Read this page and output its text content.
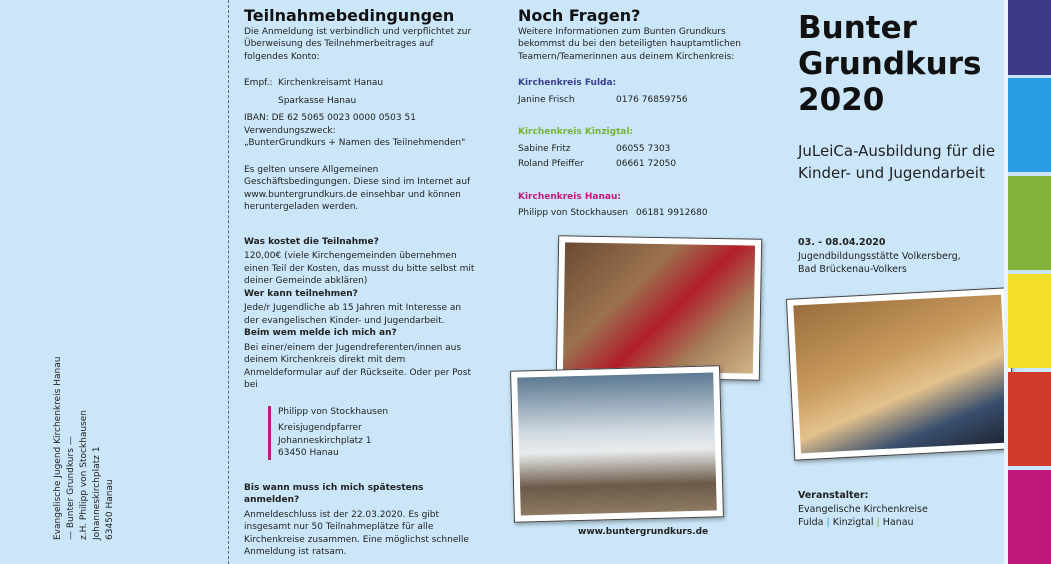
Evangelische Jugend Kirchenkreis Hanau — Bunter Grundkurs — z.H. Philipp von Stockhausen Johanneskirchplatz 1 63450 Hanau
Teilnahmebedingungen

Die Anmeldung ist verbindlich und verpflichtet zur Überweisung des Teilnehmerbeitrages auf folgendes Konto:

Empf.: Kirchenkreisamt Hanau
Sparkasse Hanau

IBAN: DE 62 5065 0023 0000 0503 51

Verwendungszweck:

„BunterGrundkurs + Namen des Teilnehmenden"

Es gelten unsere Allgemeinen Geschäftsbedingungen. Diese sind im Internet auf www.buntergrundkurs.de einsehbar und können heruntergeladen werden.

Was kostet die Teilnahme?

120,00€ (viele Kirchengemeinden übernehmen einen Teil der Kosten, das musst du bitte selbst mit deiner Gemeinde abklären)

Wer kann teilnehmen?

Jede/r Jugendliche ab 15 Jahren mit Interesse an der evangelischen Kinder- und Jugendarbeit.

Beim wem melde ich mich an?

Bei einer/einem der Jugendreferenten/innen aus deinem Kirchenkreis direkt mit dem Anmeldeformular auf der Rückseite. Oder per Post bei

Philipp von Stockhausen

Kreisjugendpfarrer

Johanneskirchplatz 1

63450 Hanau

Bis wann muss ich mich spätestens anmelden?

Anmeldeschluss ist der 22.03.2020. Es gibt insgesamt nur 50 Teilnahmeplätze für alle Kirchenkreise zusammen. Eine möglichst schnelle Anmeldung ist ratsam.

Noch Fragen?

Weitere Informationen zum Bunten Grundkurs bekommst du bei den beteiligten hauptamtlichen Teamern/Teamerinnen aus deinem Kirchenkreis:

Kirchenkreis Fulda:

Janine Frisch	0176 76859756

Kirchenkreis Kinzigtal:

Sabine Fritz	06055 7303
Roland Pfeiffer	06661 72050

Kirchenkreis Hanau:

Philipp von Stockhausen 06181 9912680
www.buntergrundkurs.de
Bunter
Grundkurs
2020
JuLeiCa-Ausbildung für die
Kinder- und Jugendarbeit
03. - 08.04.2020
Jugendbildungsstätte Volkersberg,
Bad Brückenau-Volkers
Veranstalter:
Evangelische Kirchenkreise
Fulda | Kinzigtal | Hanau
